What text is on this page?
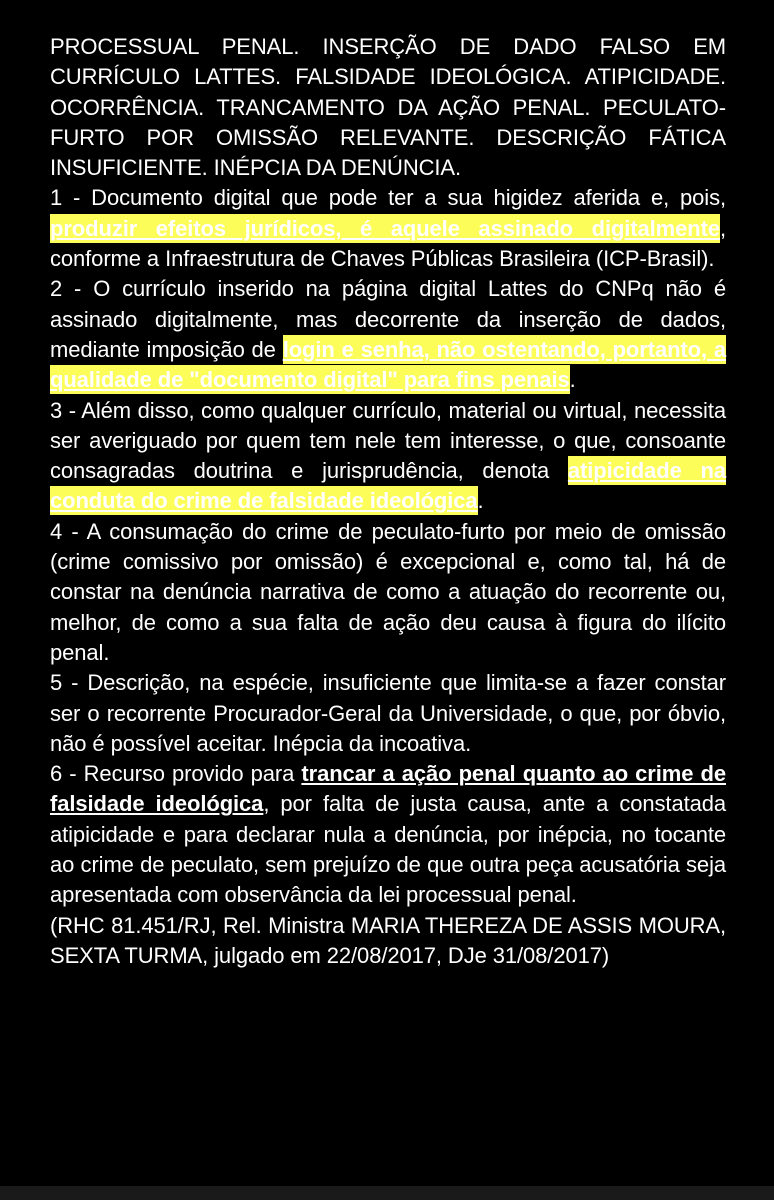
PROCESSUAL PENAL. INSERÇÃO DE DADO FALSO EM CURRÍCULO LATTES. FALSIDADE IDEOLÓGICA. ATIPICIDADE. OCORRÊNCIA. TRANCAMENTO DA AÇÃO PENAL. PECULATO-FURTO POR OMISSÃO RELEVANTE. DESCRIÇÃO FÁTICA INSUFICIENTE. INÉPCIA DA DENÚNCIA.

1 - Documento digital que pode ter a sua higidez aferida e, pois, produzir efeitos jurídicos, é aquele assinado digitalmente, conforme a Infraestrutura de Chaves Públicas Brasileira (ICP-Brasil).

2 - O currículo inserido na página digital Lattes do CNPq não é assinado digitalmente, mas decorrente da inserção de dados, mediante imposição de login e senha, não ostentando, portanto, a qualidade de "documento digital" para fins penais.

3 - Além disso, como qualquer currículo, material ou virtual, necessita ser averiguado por quem tem nele tem interesse, o que, consoante consagradas doutrina e jurisprudência, denota atipicidade na conduta do crime de falsidade ideológica.

4 - A consumação do crime de peculato-furto por meio de omissão (crime comissivo por omissão) é excepcional e, como tal, há de constar na denúncia narrativa de como a atuação do recorrente ou, melhor, de como a sua falta de ação deu causa à figura do ilícito penal.

5 - Descrição, na espécie, insuficiente que limita-se a fazer constar ser o recorrente Procurador-Geral da Universidade, o que, por óbvio, não é possível aceitar. Inépcia da incoativa.

6 - Recurso provido para trancar a ação penal quanto ao crime de falsidade ideológica, por falta de justa causa, ante a constatada atipicidade e para declarar nula a denúncia, por inépcia, no tocante ao crime de peculato, sem prejuízo de que outra peça acusatória seja apresentada com observância da lei processual penal.

(RHC 81.451/RJ, Rel. Ministra MARIA THEREZA DE ASSIS MOURA, SEXTA TURMA, julgado em 22/08/2017, DJe 31/08/2017)
